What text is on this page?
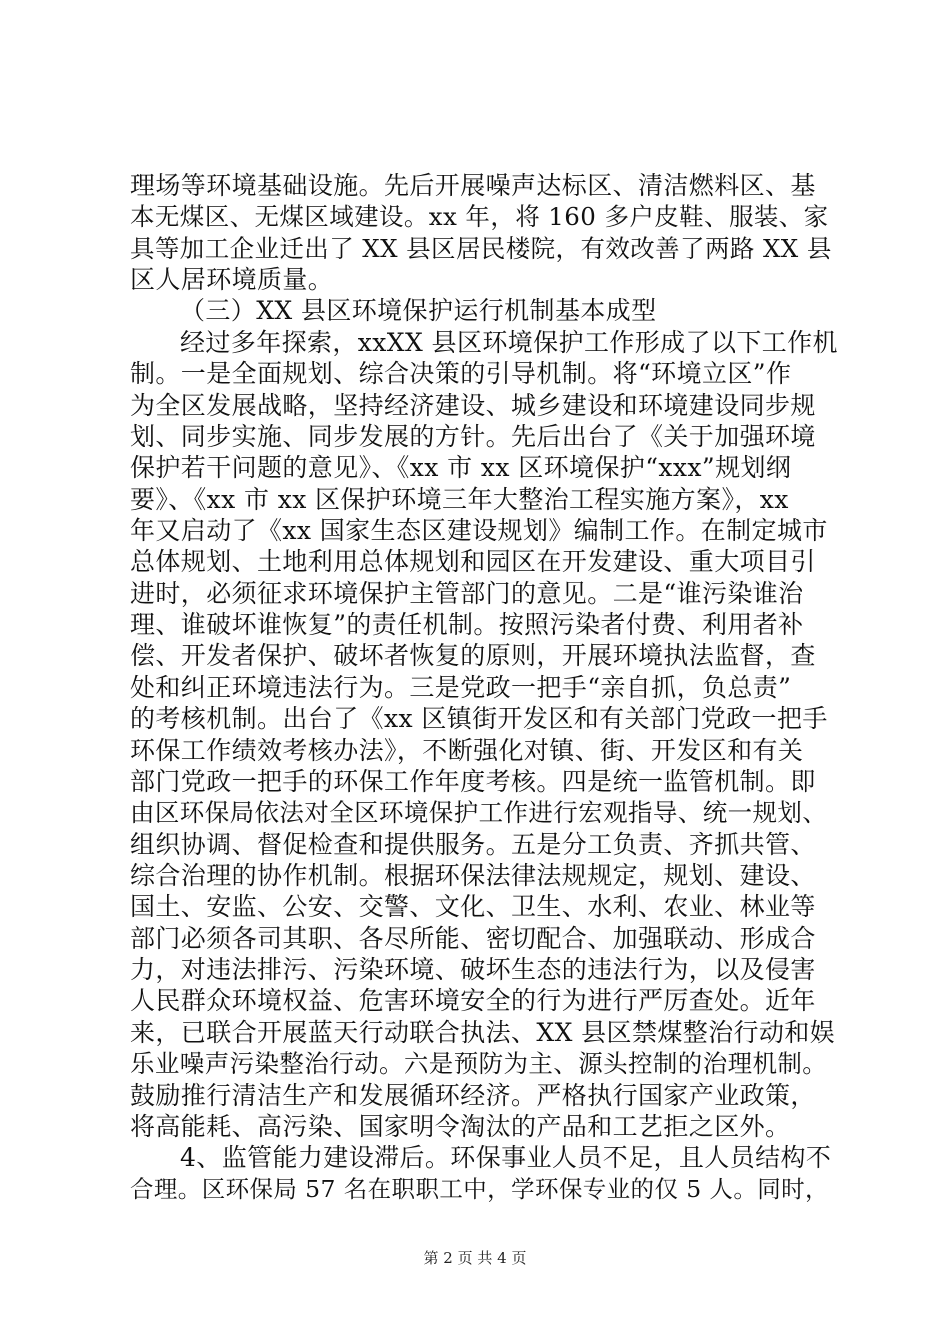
理场等环境基础设施。先后开展噪声达标区、清洁燃料区、基
本无煤区、无煤区域建设。xx 年，将 160 多户皮鞋、服装、家
具等加工企业迁出了 XX 县区居民楼院，有效改善了两路 XX 县
区人居环境质量。
（三）XX 县区环境保护运行机制基本成型
经过多年探索，xxXX 县区环境保护工作形成了以下工作机
制。一是全面规划、综合决策的引导机制。将“环境立区”作
为全区发展战略，坚持经济建设、城乡建设和环境建设同步规
划、同步实施、同步发展的方针。先后出台了《关于加强环境
保护若干问题的意见》、《xx 市 xx 区环境保护“xxx”规划纲
要》、《xx 市 xx 区保护环境三年大整治工程实施方案》，xx
年又启动了《xx 国家生态区建设规划》编制工作。在制定城市
总体规划、土地利用总体规划和园区在开发建设、重大项目引
进时，必须征求环境保护主管部门的意见。二是“谁污染谁治
理、谁破坏谁恢复”的责任机制。按照污染者付费、利用者补
偿、开发者保护、破坏者恢复的原则，开展环境执法监督，查
处和纠正环境违法行为。三是党政一把手“亲自抓，负总责”
的考核机制。出台了《xx 区镇街开发区和有关部门党政一把手
环保工作绩效考核办法》，不断强化对镇、街、开发区和有关
部门党政一把手的环保工作年度考核。四是统一监管机制。即
由区环保局依法对全区环境保护工作进行宏观指导、统一规划、
组织协调、督促检查和提供服务。五是分工负责、齐抓共管、
综合治理的协作机制。根据环保法律法规规定，规划、建设、
国土、安监、公安、交警、文化、卫生、水利、农业、林业等
部门必须各司其职、各尽所能、密切配合、加强联动、形成合
力，对违法排污、污染环境、破坏生态的违法行为，以及侵害
人民群众环境权益、危害环境安全的行为进行严厉查处。近年
来，已联合开展蓝天行动联合执法、XX 县区禁煤整治行动和娱
乐业噪声污染整治行动。六是预防为主、源头控制的治理机制。
鼓励推行清洁生产和发展循环经济。严格执行国家产业政策，
将高能耗、高污染、国家明令淘汰的产品和工艺拒之区外。
4、监管能力建设滞后。环保事业人员不足，且人员结构不
合理。区环保局 57 名在职职工中，学环保专业的仅 5 人。同时，
第 2 页 共 4 页
